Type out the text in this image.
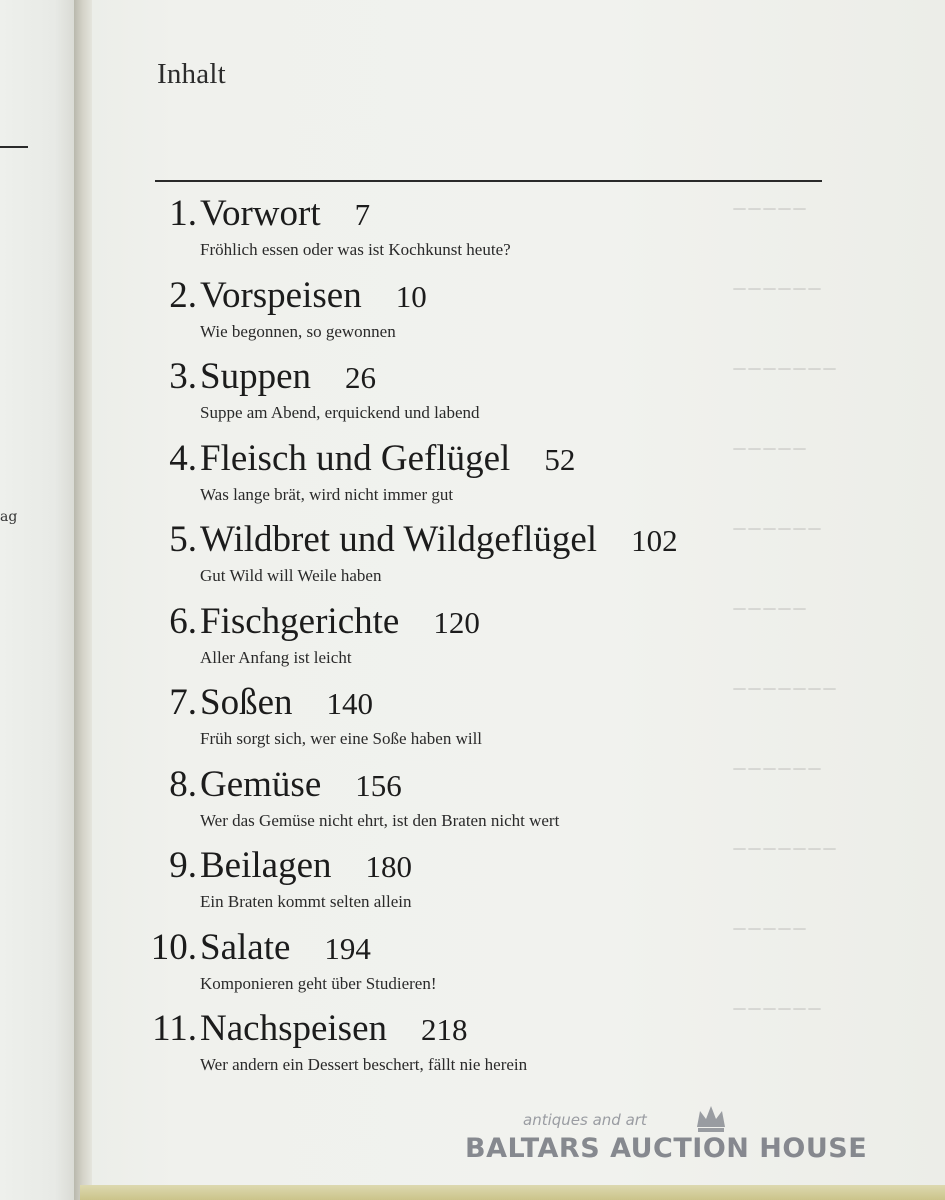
ag
–––––
––––––
–––––––
–––––
––––––
–––––
–––––––
––––––
–––––––
–––––
––––––
Inhalt
1. Vorwort 7
Fröhlich essen oder was ist Kochkunst heute?
2. Vorspeisen 10
Wie begonnen, so gewonnen
3. Suppen 26
Suppe am Abend, erquickend und labend
4. Fleisch und Geflügel 52
Was lange brät, wird nicht immer gut
5. Wildbret und Wildgeflügel 102
Gut Wild will Weile haben
6. Fischgerichte 120
Aller Anfang ist leicht
7. Soßen 140
Früh sorgt sich, wer eine Soße haben will
8. Gemüse 156
Wer das Gemüse nicht ehrt, ist den Braten nicht wert
9. Beilagen 180
Ein Braten kommt selten allein
10. Salate 194
Komponieren geht über Studieren!
11. Nachspeisen 218
Wer andern ein Dessert beschert, fällt nie herein
antiques and art
BALTARS AUCTION HOUSE
